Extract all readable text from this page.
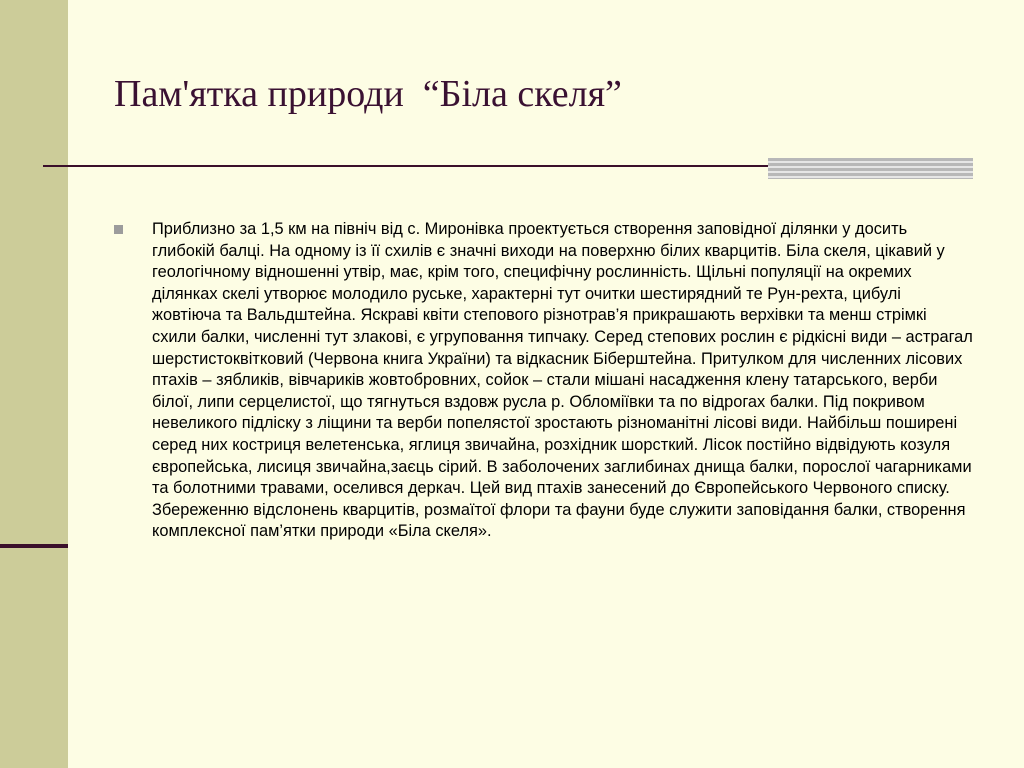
Пам'ятка природи  “Біла скеля”

Приблизно за 1,5 км на північ від с. Миронівка проектується створення заповідної ділянки у досить глибокій балці. На одному із її схилів є значні виходи на поверхню білих кварцитів. Біла скеля, цікавий у геологічному відношенні утвір, має, крім того, специфічну рослинність. Щільні популяції на окремих ділянках скелі утворює молодило руське, характерні тут очитки шестирядний те Рун-рехта, цибулі жовтіюча та Вальдштейна. Яскраві квіти степового різнотрав’я прикрашають верхівки та менш стрімкі схили балки, численні тут злакові, є угруповання типчаку. Серед степових рослин є рідкісні види – астрагал шерстистоквітковий (Червона книга України) та відкасник Біберштейна. Притулком для численних лісових птахів – зябликів, вівчариків жовтобровних, сойок – стали мішані насадження клену татарського, верби білої, липи серцелистої, що тягнуться вздовж русла р. Обломіївки та по відрогах балки. Під покривом невеликого підліску з ліщини та верби попелястої зростають різноманітні лісові види. Найбільш поширені серед них костриця велетенська, яглиця звичайна, розхідник шорсткий. Лісок постійно відвідують козуля європейська, лисиця звичайна,заєць сірий. В заболочених заглибинах днища балки, порослої чагарниками та болотними травами, оселився деркач. Цей вид птахів занесений до Європейського Червоного списку. Збереженню відслонень кварцитів, розмаїтої флори та фауни буде служити заповідання балки, створення комплексної пам’ятки природи «Біла скеля».
